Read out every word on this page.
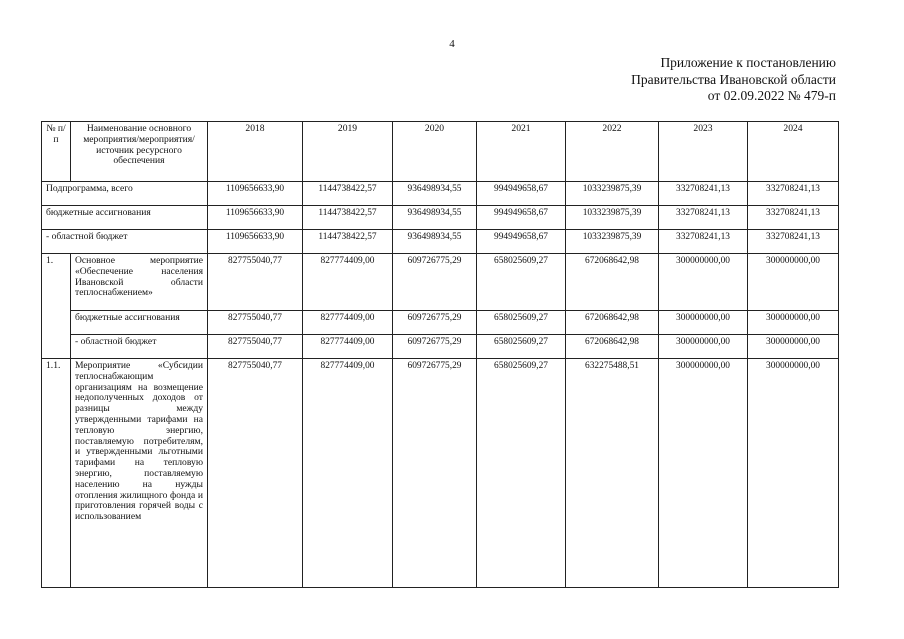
4
Приложение к постановлению
Правительства Ивановской области
от 02.09.2022 № 479-п
№ п/п	Наименование основного мероприятия/мероприятия/ источник ресурсного обеспечения	2018	2019	2020	2021	2022	2023	2024
Подпрограмма, всего		1109656633,90	1144738422,57	936498934,55	994949658,67	1033239875,39	332708241,13	332708241,13
бюджетные ассигнования		1109656633,90	1144738422,57	936498934,55	994949658,67	1033239875,39	332708241,13	332708241,13
- областной бюджет		1109656633,90	1144738422,57	936498934,55	994949658,67	1033239875,39	332708241,13	332708241,13
1.	Основное мероприятие «Обеспечение населения Ивановской области теплоснабжением»	827755040,77	827774409,00	609726775,29	658025609,27	672068642,98	300000000,00	300000000,00
	бюджетные ассигнования	827755040,77	827774409,00	609726775,29	658025609,27	672068642,98	300000000,00	300000000,00
	- областной бюджет	827755040,77	827774409,00	609726775,29	658025609,27	672068642,98	300000000,00	300000000,00
1.1.	Мероприятие «Субсидии теплоснабжающим организациям на возмещение недополученных доходов от разницы между утвержденными тарифами на тепловую энергию, поставляемую потребителям, и утвержденными льготными тарифами на тепловую энергию, поставляемую населению на нужды отопления жилищного фонда и приготовления горячей воды с использованием	827755040,77	827774409,00	609726775,29	658025609,27	632275488,51	300000000,00	300000000,00
